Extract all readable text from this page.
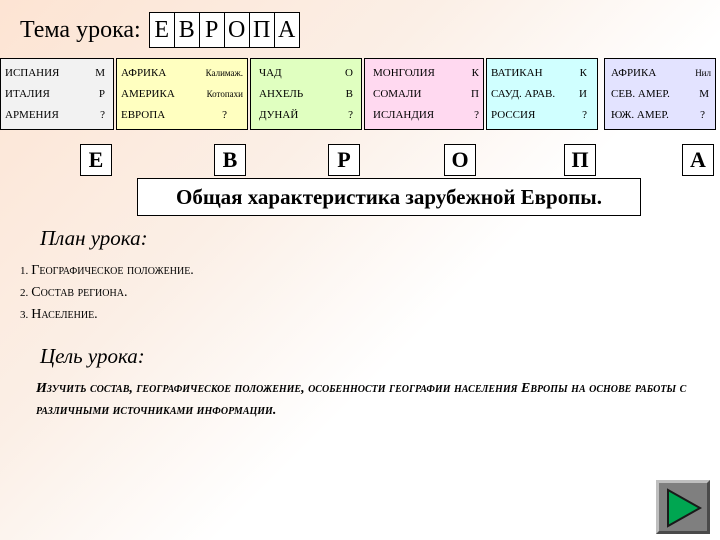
Тема урока: Е В Р О П А
ИСПАНИЯ	М
ИТАЛИЯ	Р
АРМЕНИЯ	?
АФРИКА	Калимаж.
АМЕРИКА	Котопахи
ЕВРОПА	?
ЧАД	О
АНХЕЛЬ	В
ДУНАЙ	?
МОНГОЛИЯ	К
СОМАЛИ	П
ИСЛАНДИЯ	?
ВАТИКАН	К
САУД. АРАВ. И
РОССИЯ	?
АФРИКА	Нил
СЕВ. АМЕР.	М
ЮЖ. АМЕР.	?
Е	В	Р	О	П	А
Общая характеристика зарубежной Европы.
План урока:
1. Географическое положение.
2. Состав региона.
3. Население.
Цель урока:
Изучить состав, географическое положение, особенности географии населения Европы на основе работы с различными источниками информации.
